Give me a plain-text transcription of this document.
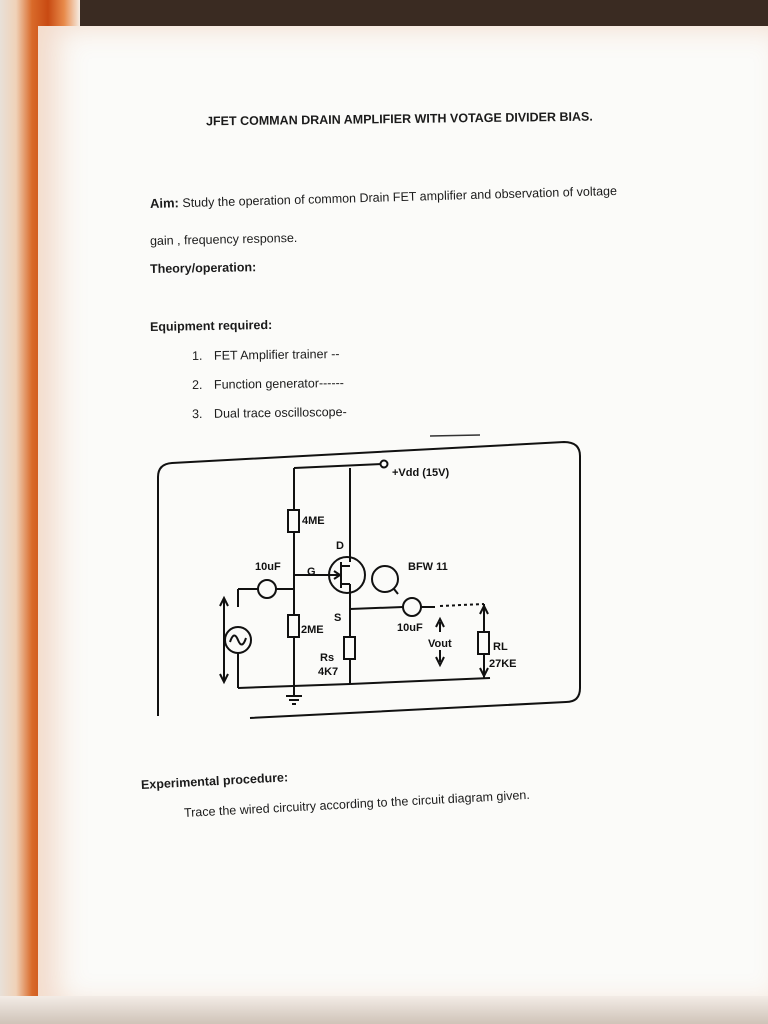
JFET COMMAN DRAIN AMPLIFIER WITH VOTAGE DIVIDER BIAS.
Aim: Study the operation of common Drain FET amplifier and observation of voltage
gain , frequency response.
Theory/operation:
Equipment required:
1. FET Amplifier trainer --
2. Function generator------
3. Dual trace oscilloscope-
+Vdd (15V)
4ME
D
G
S
10uF	BFW 11
2ME
Rs
4K7
10uF
Vout	RL
27KE
Experimental procedure:
Trace the wired circuitry according to the circuit diagram given.
